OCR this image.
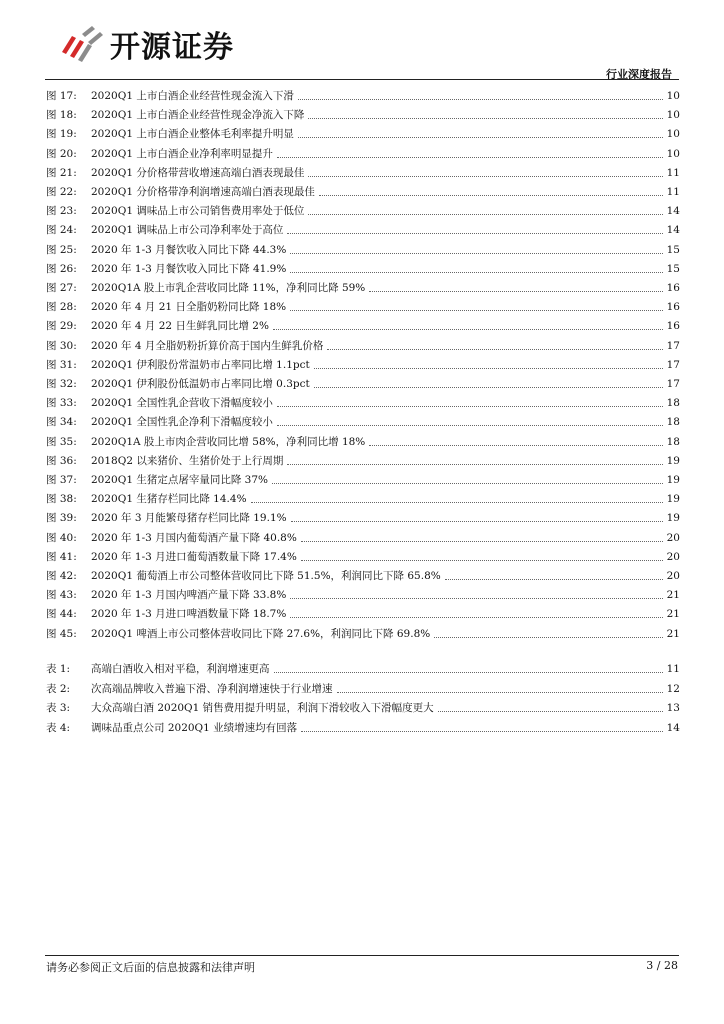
开源证券
行业深度报告
图 17:	2020Q1 上市白酒企业经营性现金流入下滑	10
图 18:	2020Q1 上市白酒企业经营性现金净流入下降	10
图 19:	2020Q1 上市白酒企业整体毛利率提升明显	10
图 20:	2020Q1 上市白酒企业净利率明显提升	10
图 21:	2020Q1 分价格带营收增速高端白酒表现最佳	11
图 22:	2020Q1 分价格带净利润增速高端白酒表现最佳	11
图 23:	2020Q1 调味品上市公司销售费用率处于低位	14
图 24:	2020Q1 调味品上市公司净利率处于高位	14
图 25:	2020 年 1-3 月餐饮收入同比下降 44.3%	15
图 26:	2020 年 1-3 月餐饮收入同比下降 41.9%	15
图 27:	2020Q1A 股上市乳企营收同比降 11%，净利同比降 59%	16
图 28:	2020 年 4 月 21 日全脂奶粉同比降 18%	16
图 29:	2020 年 4 月 22 日生鲜乳同比增 2%	16
图 30:	2020 年 4 月全脂奶粉折算价高于国内生鲜乳价格	17
图 31:	2020Q1 伊利股份常温奶市占率同比增 1.1pct	17
图 32:	2020Q1 伊利股份低温奶市占率同比增 0.3pct	17
图 33:	2020Q1 全国性乳企营收下滑幅度较小	18
图 34:	2020Q1 全国性乳企净利下滑幅度较小	18
图 35:	2020Q1A 股上市肉企营收同比增 58%，净利同比增 18%	18
图 36:	2018Q2 以来猪价、生猪价处于上行周期	19
图 37:	2020Q1 生猪定点屠宰量同比降 37%	19
图 38:	2020Q1 生猪存栏同比降 14.4%	19
图 39:	2020 年 3 月能繁母猪存栏同比降 19.1%	19
图 40:	2020 年 1-3 月国内葡萄酒产量下降 40.8%	20
图 41:	2020 年 1-3 月进口葡萄酒数量下降 17.4%	20
图 42:	2020Q1 葡萄酒上市公司整体营收同比下降 51.5%，利润同比下降 65.8%	20
图 43:	2020 年 1-3 月国内啤酒产量下降 33.8%	21
图 44:	2020 年 1-3 月进口啤酒数量下降 18.7%	21
图 45:	2020Q1 啤酒上市公司整体营收同比下降 27.6%，利润同比下降 69.8%	21
表 1:	高端白酒收入相对平稳，利润增速更高	11
表 2:	次高端品牌收入普遍下滑、净利润增速快于行业增速	12
表 3:	大众高端白酒 2020Q1 销售费用提升明显，利润下滑较收入下滑幅度更大	13
表 4:	调味品重点公司 2020Q1 业绩增速均有回落	14
请务必参阅正文后面的信息披露和法律声明	3 / 28
